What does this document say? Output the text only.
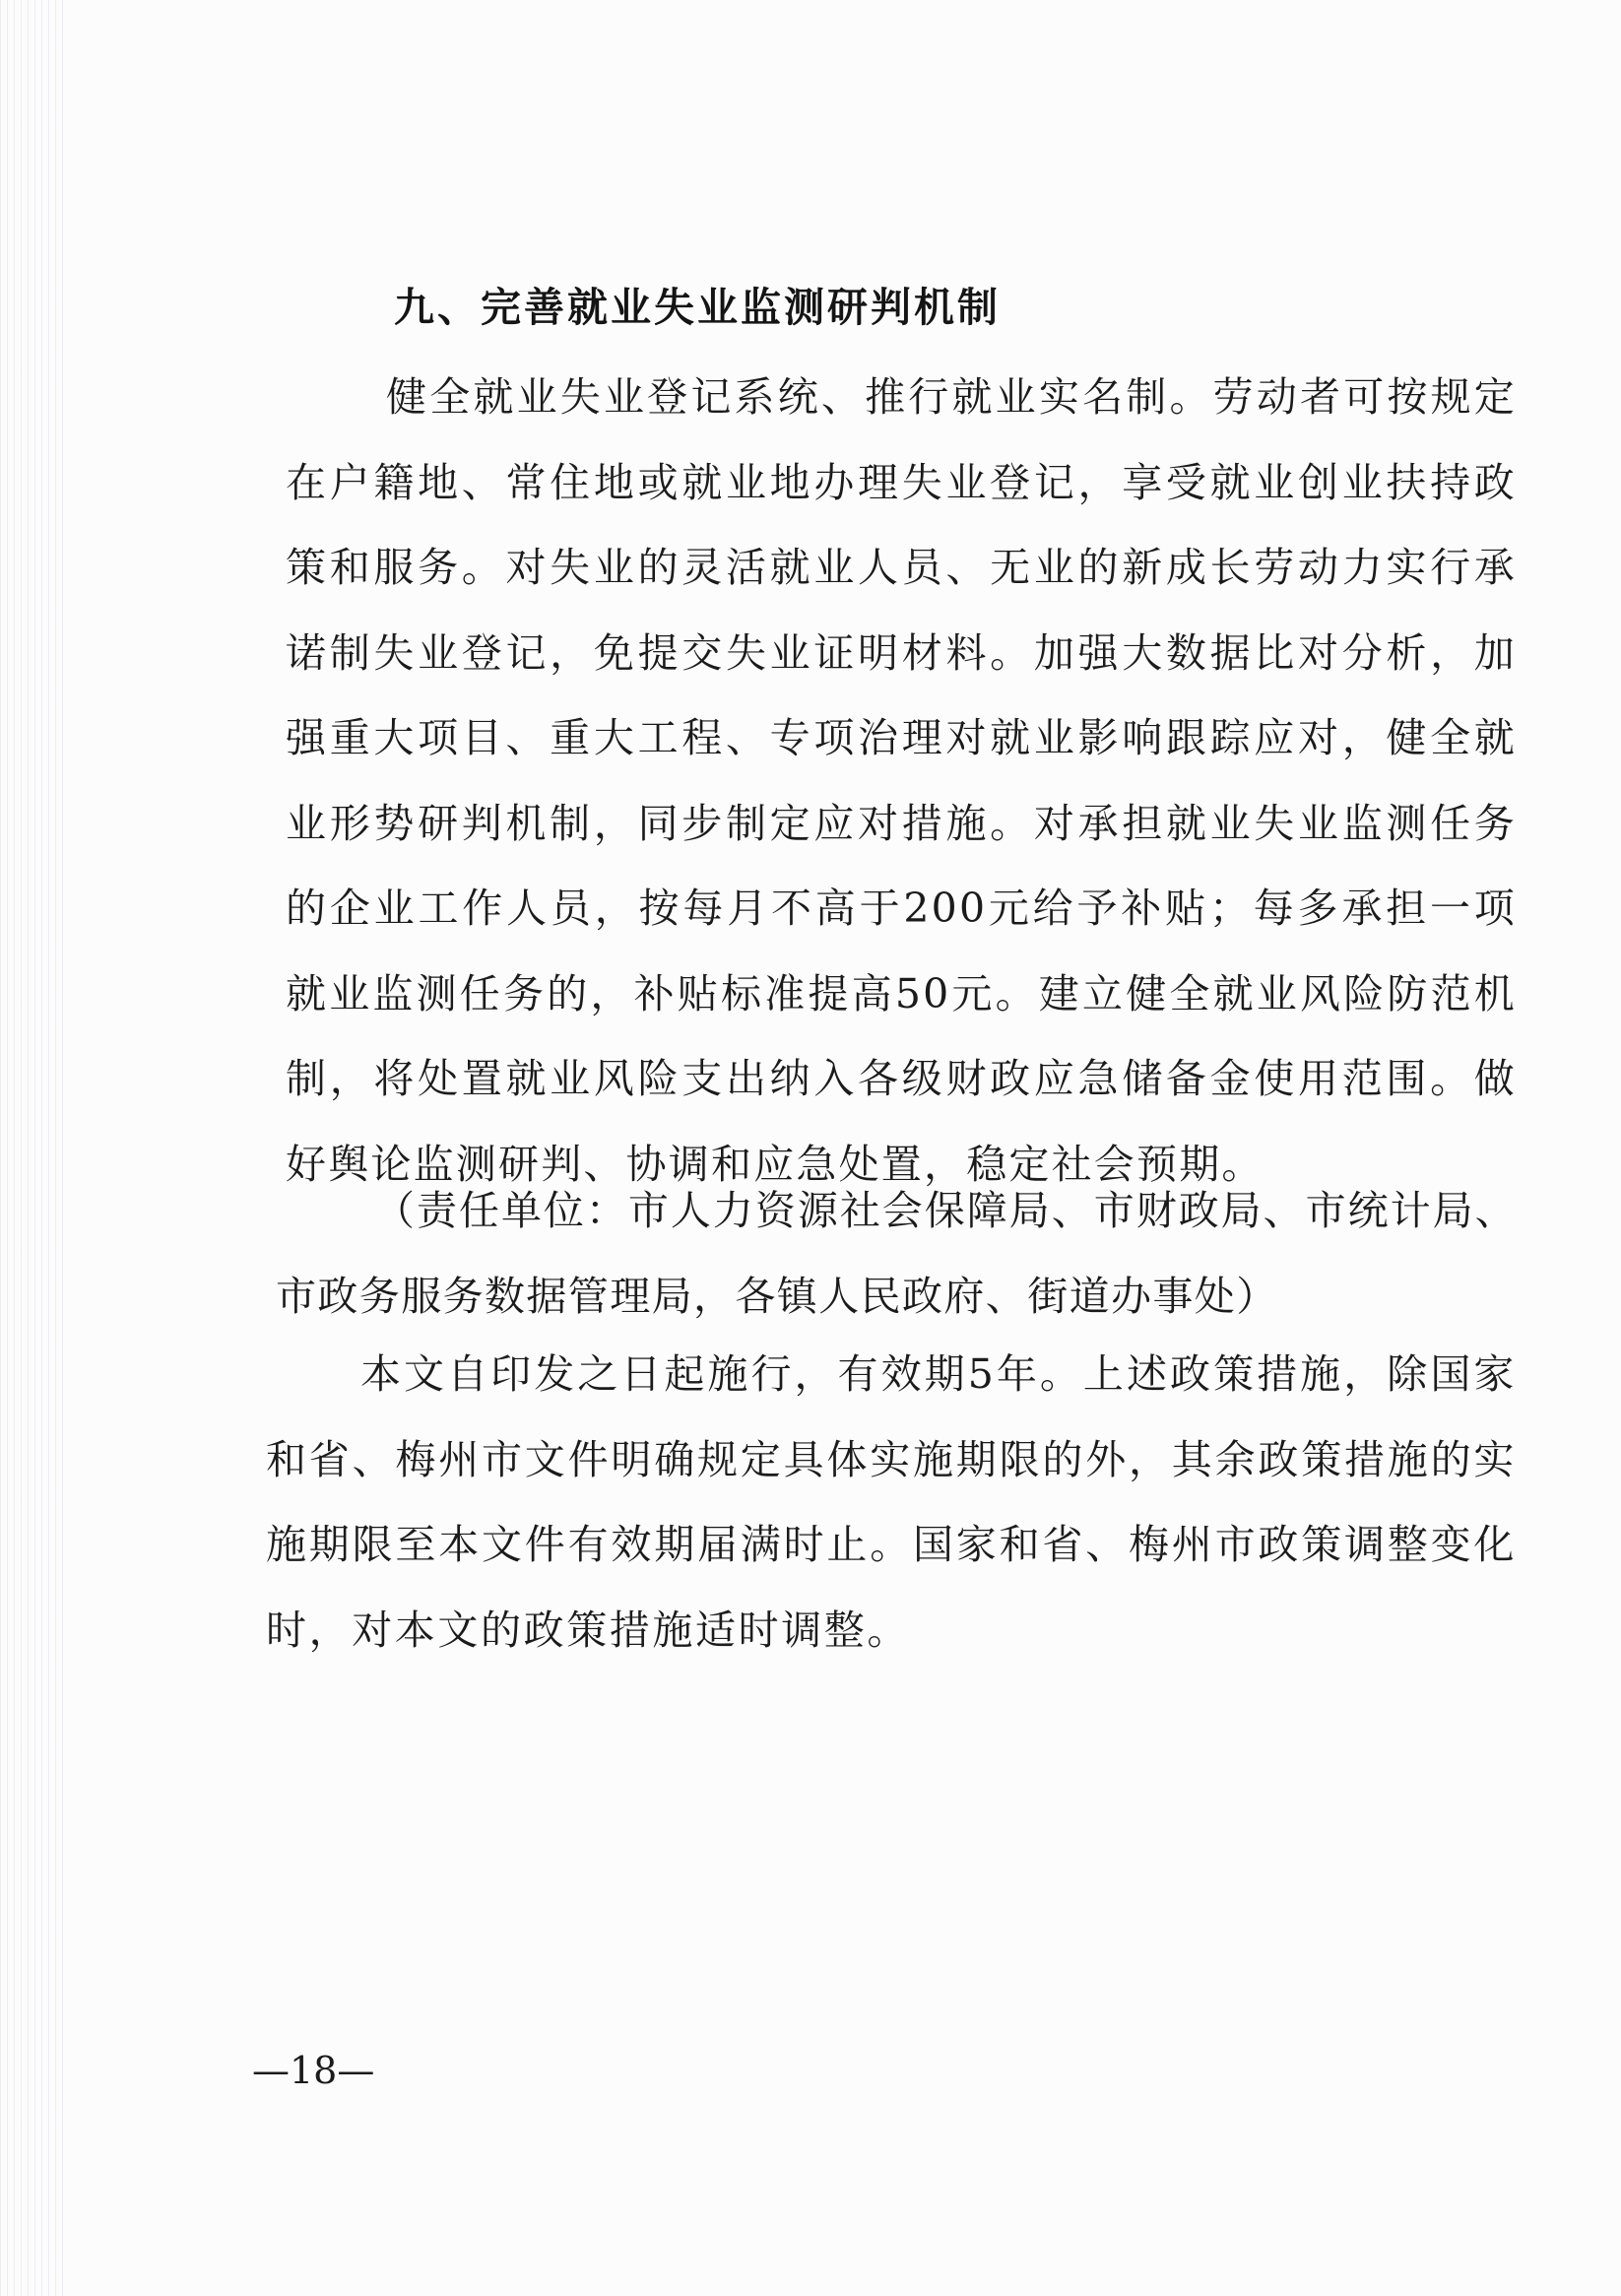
九、完善就业失业监测研判机制
健全就业失业登记系统、推行就业实名制。劳动者可按规定在户籍地、常住地或就业地办理失业登记，享受就业创业扶持政策和服务。对失业的灵活就业人员、无业的新成长劳动力实行承诺制失业登记，免提交失业证明材料。加强大数据比对分析，加强重大项目、重大工程、专项治理对就业影响跟踪应对，健全就业形势研判机制，同步制定应对措施。对承担就业失业监测任务的企业工作人员，按每月不高于200元给予补贴；每多承担一项就业监测任务的，补贴标准提高50元。建立健全就业风险防范机制，将处置就业风险支出纳入各级财政应急储备金使用范围。做好舆论监测研判、协调和应急处置，稳定社会预期。
（责任单位：市人力资源社会保障局、市财政局、市统计局、市政务服务数据管理局，各镇人民政府、街道办事处）
本文自印发之日起施行，有效期5年。上述政策措施，除国家和省、梅州市文件明确规定具体实施期限的外，其余政策措施的实施期限至本文件有效期届满时止。国家和省、梅州市政策调整变化时，对本文的政策措施适时调整。
—18—
